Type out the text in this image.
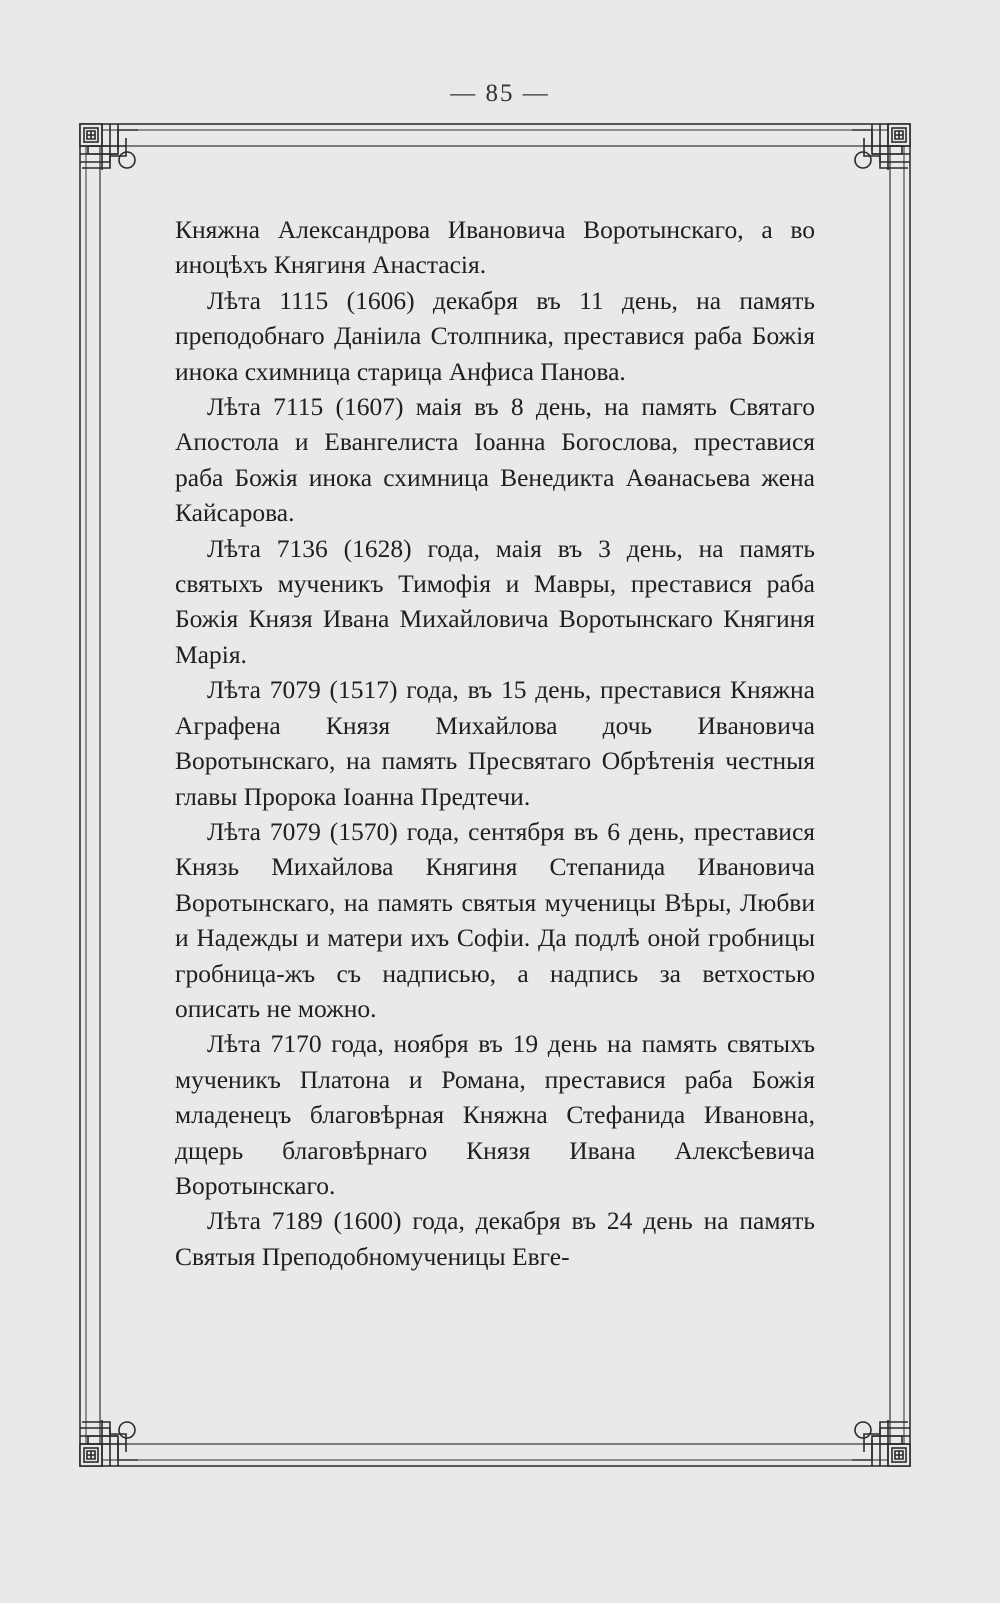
— 85 —

Княжна Александрова Ивановича Воротынскаго, а во иноцѣхъ Княгиня Анастасія.

Лѣта 1115 (1606) декабря въ 11 день, на память преподобнаго Даніила Столпника, преставися раба Божія инока схимница старица Анфиса Панова.

Лѣта 7115 (1607) маія въ 8 день, на память Святаго Апостола и Евангелиста Іоанна Богослова, преставися раба Божія инока схимница Венедикта Аѳанасьева жена Кайсарова.

Лѣта 7136 (1628) года, маія въ 3 день, на память святыхъ мученикъ Тимофія и Мавры, преставися раба Божія Князя Ивана Михайловича Воротынскаго Княгиня Марія.

Лѣта 7079 (1517) года, въ 15 день, преставися Княжна Аграфена Князя Михайлова дочь Ивановича Воротынскаго, на память Пресвятаго Обрѣтенія честныя главы Пророка Іоанна Предтечи.

Лѣта 7079 (1570) года, сентября въ 6 день, преставися Князь Михайлова Княгиня Степанида Ивановича Воротынскаго, на память святыя мученицы Вѣры, Любви и Надежды и матери ихъ Софіи. Да подлѣ оной гробницы гробница-жъ съ надписью, а надпись за ветхостью описать не можно.

Лѣта 7170 года, ноября въ 19 день на память святыхъ мученикъ Платона и Романа, преставися раба Божія младенецъ благовѣрная Княжна Стефанида Ивановна, дщерь благовѣрнаго Князя Ивана Алексѣевича Воротынскаго.

Лѣта 7189 (1600) года, декабря въ 24 день на память Святыя Преподобномученицы Евге-
